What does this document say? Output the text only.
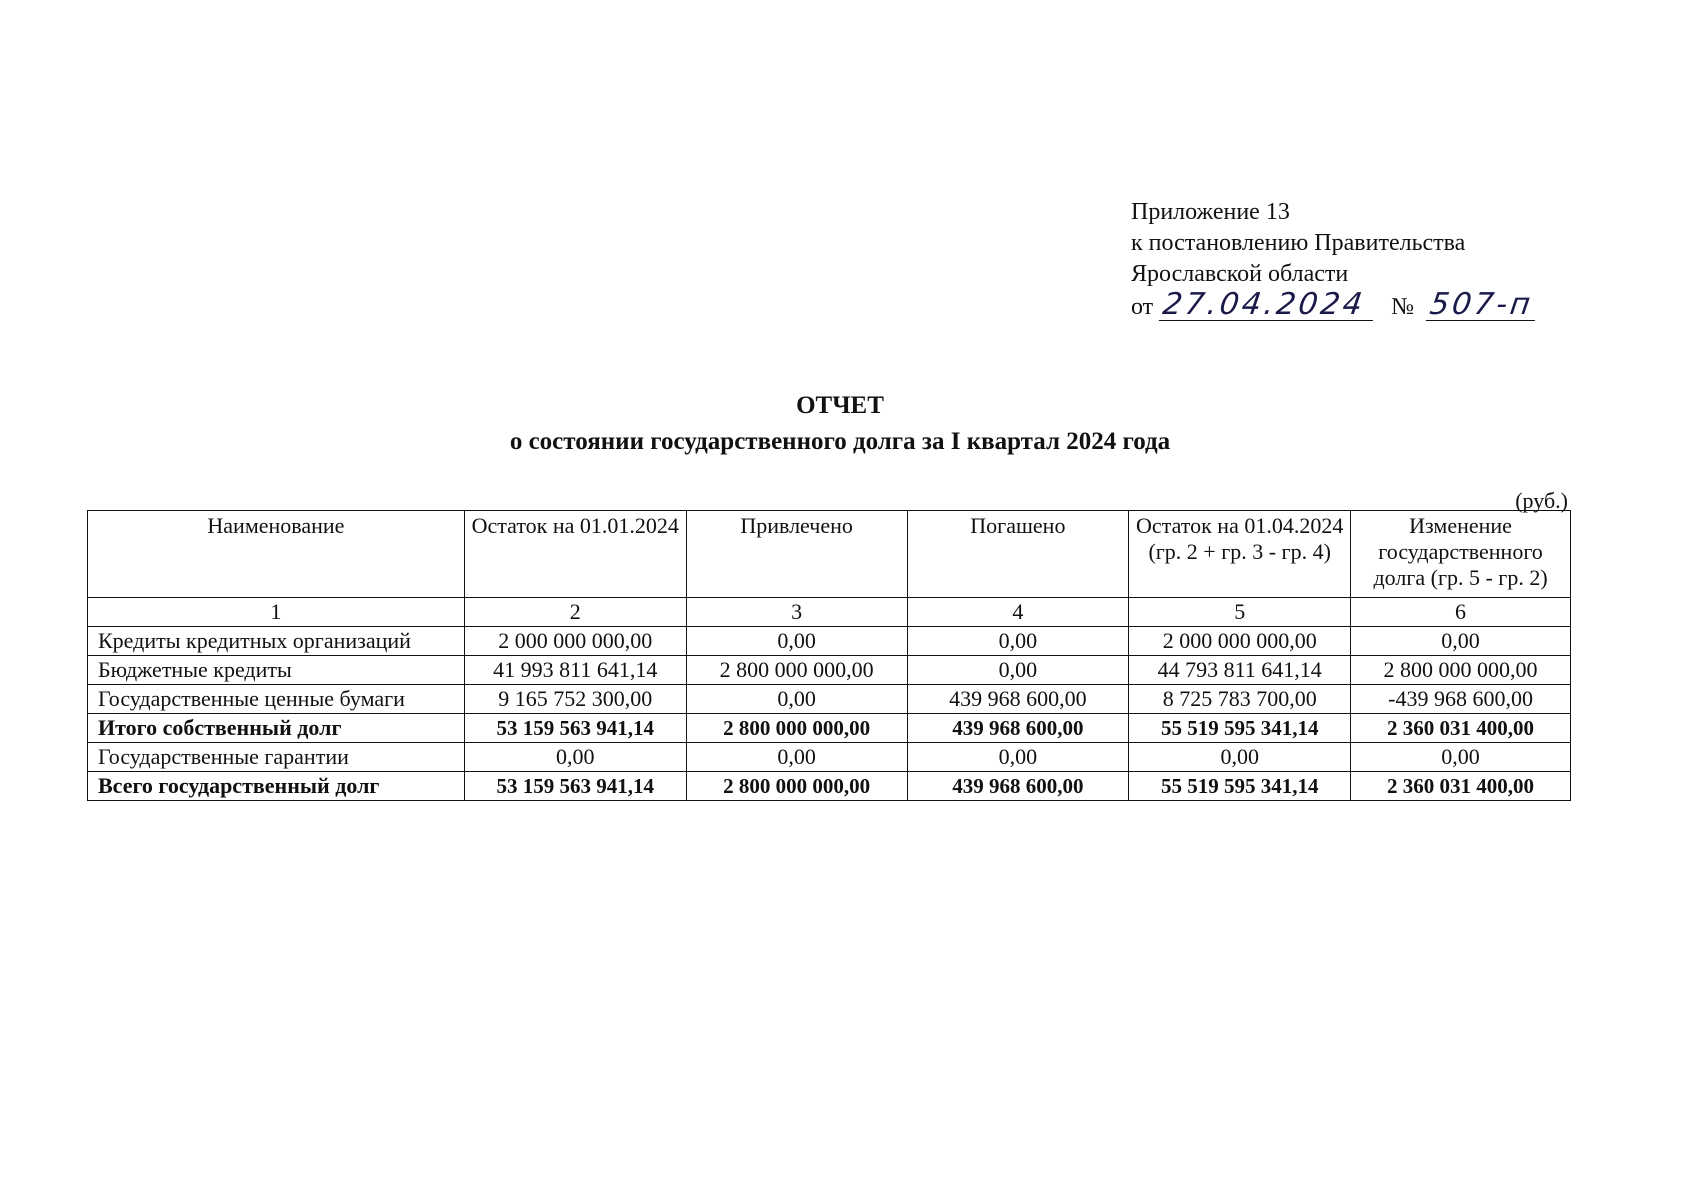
Приложение 13
к постановлению Правительства
Ярославской области
от 27.04.2024 № 507-п
ОТЧЕТ
о состоянии государственного долга за I квартал 2024 года
(руб.)
Наименование	Остаток на 01.01.2024	Привлечено	Погашено	Остаток на 01.04.2024 (гр. 2 + гр. 3 - гр. 4)	Изменение государственного долга (гр. 5 - гр. 2)
1	2	3	4	5	6
Кредиты кредитных организаций	2 000 000 000,00	0,00	0,00	2 000 000 000,00	0,00
Бюджетные кредиты	41 993 811 641,14	2 800 000 000,00	0,00	44 793 811 641,14	2 800 000 000,00
Государственные ценные бумаги	9 165 752 300,00	0,00	439 968 600,00	8 725 783 700,00	-439 968 600,00
Итого собственный долг	53 159 563 941,14	2 800 000 000,00	439 968 600,00	55 519 595 341,14	2 360 031 400,00
Государственные гарантии	0,00	0,00	0,00	0,00	0,00
Всего государственный долг	53 159 563 941,14	2 800 000 000,00	439 968 600,00	55 519 595 341,14	2 360 031 400,00
